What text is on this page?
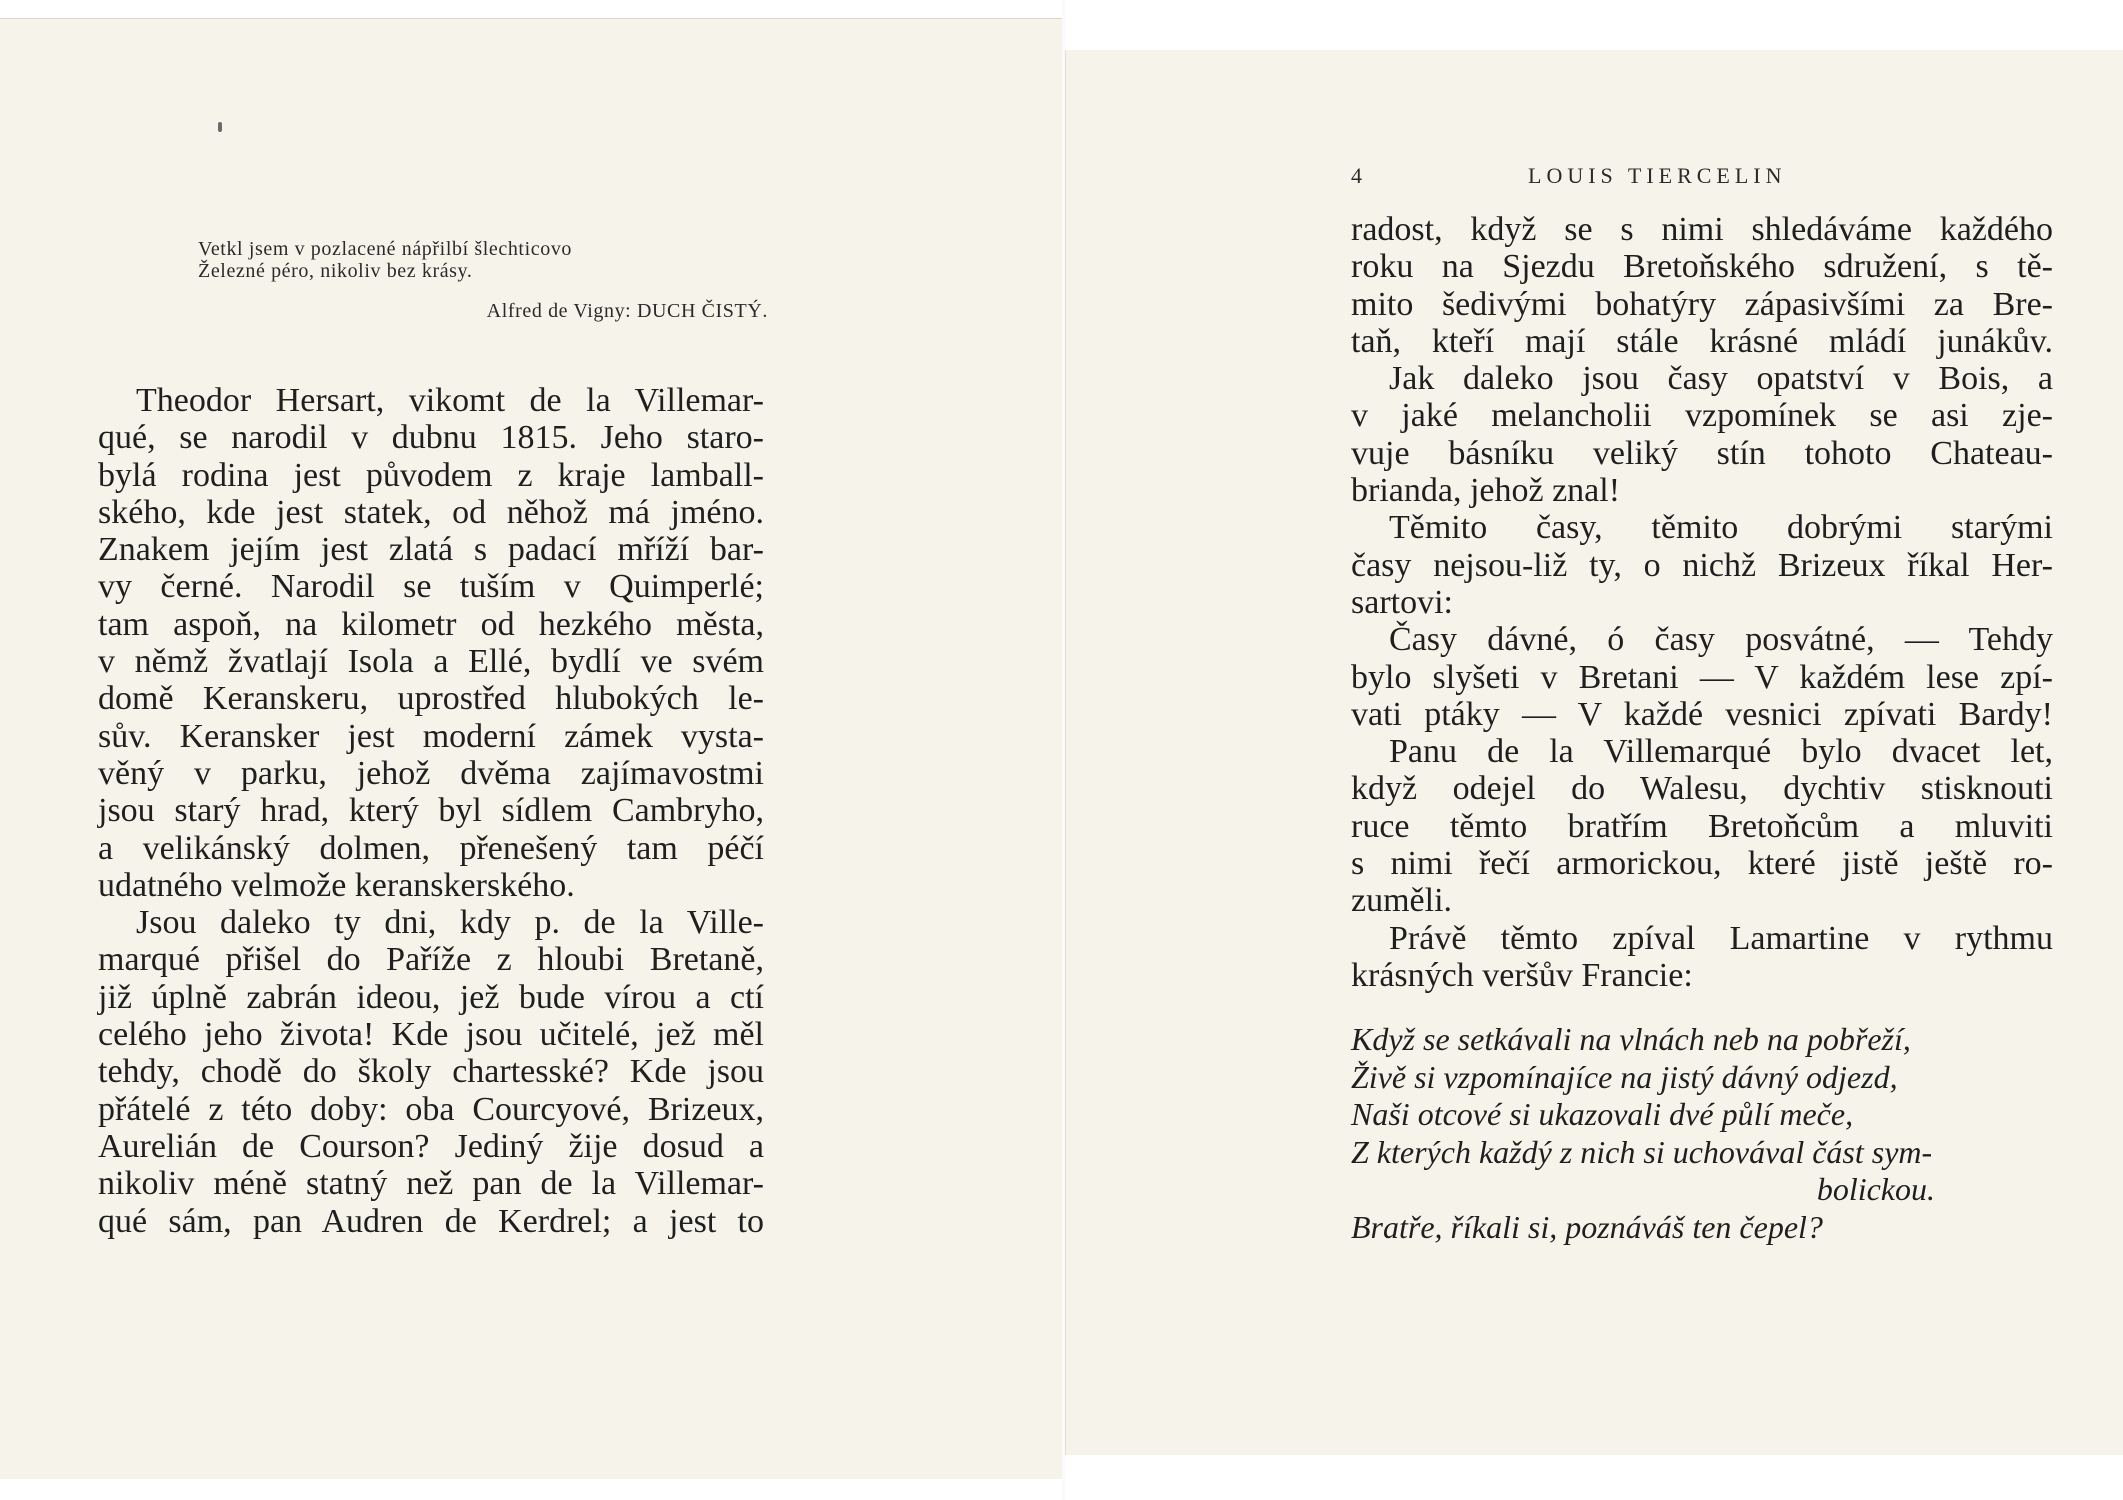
Vetkl jsem v pozlacené nápřilbí šlechticovo
Železné péro, nikoliv bez krásy.
Alfred de Vigny: DUCH ČISTÝ.
Theodor Hersart, vikomt de la Villemar-
qué, se narodil v dubnu 1815. Jeho staro-
bylá rodina jest původem z kraje lamball-
ského, kde jest statek, od něhož má jméno.
Znakem jejím jest zlatá s padací mříží bar-
vy černé. Narodil se tuším v Quimperlé;
tam aspoň, na kilometr od hezkého města,
v němž žvatlají Isola a Ellé, bydlí ve svém
domě Keranskeru, uprostřed hlubokých le-
sův. Keransker jest moderní zámek vysta-
věný v parku, jehož dvěma zajímavostmi
jsou starý hrad, který byl sídlem Cambryho,
a velikánský dolmen, přenešený tam péčí
udatného velmože keranskerského.
Jsou daleko ty dni, kdy p. de la Ville-
marqué přišel do Paříže z hloubi Bretaně,
již úplně zabrán ideou, jež bude vírou a ctí
celého jeho života! Kde jsou učitelé, jež měl
tehdy, chodě do školy chartesské? Kde jsou
přátelé z této doby: oba Courcyové, Brizeux,
Aurelián de Courson? Jediný žije dosud a
nikoliv méně statný než pan de la Villemar-
qué sám, pan Audren de Kerdrel; a jest to
4	LOUIS TIERCELIN
radost, když se s nimi shledáváme každého
roku na Sjezdu Bretoňského sdružení, s tě-
mito šedivými bohatýry zápasivšími za Bre-
taň, kteří mají stále krásné mládí junákův.
Jak daleko jsou časy opatství v Bois, a
v jaké melancholii vzpomínek se asi zje-
vuje básníku veliký stín tohoto Chateau-
brianda, jehož znal!
Těmito časy, těmito dobrými starými
časy nejsou-liž ty, o nichž Brizeux říkal Her-
sartovi:
Časy dávné, ó časy posvátné, — Tehdy
bylo slyšeti v Bretani — V každém lese zpí-
vati ptáky — V každé vesnici zpívati Bardy!
Panu de la Villemarqué bylo dvacet let,
když odejel do Walesu, dychtiv stisknouti
ruce těmto bratřím Bretoňcům a mluviti
s nimi řečí armorickou, které jistě ještě ro-
zuměli.
Právě těmto zpíval Lamartine v rythmu
krásných veršův Francie:
Když se setkávali na vlnách neb na pobřeží,
Živě si vzpomínajíce na jistý dávný odjezd,
Naši otcové si ukazovali dvé půlí meče,
Z kterých každý z nich si uchovával část sym-
bolickou.
Bratře, říkali si, poznáváš ten čepel?
